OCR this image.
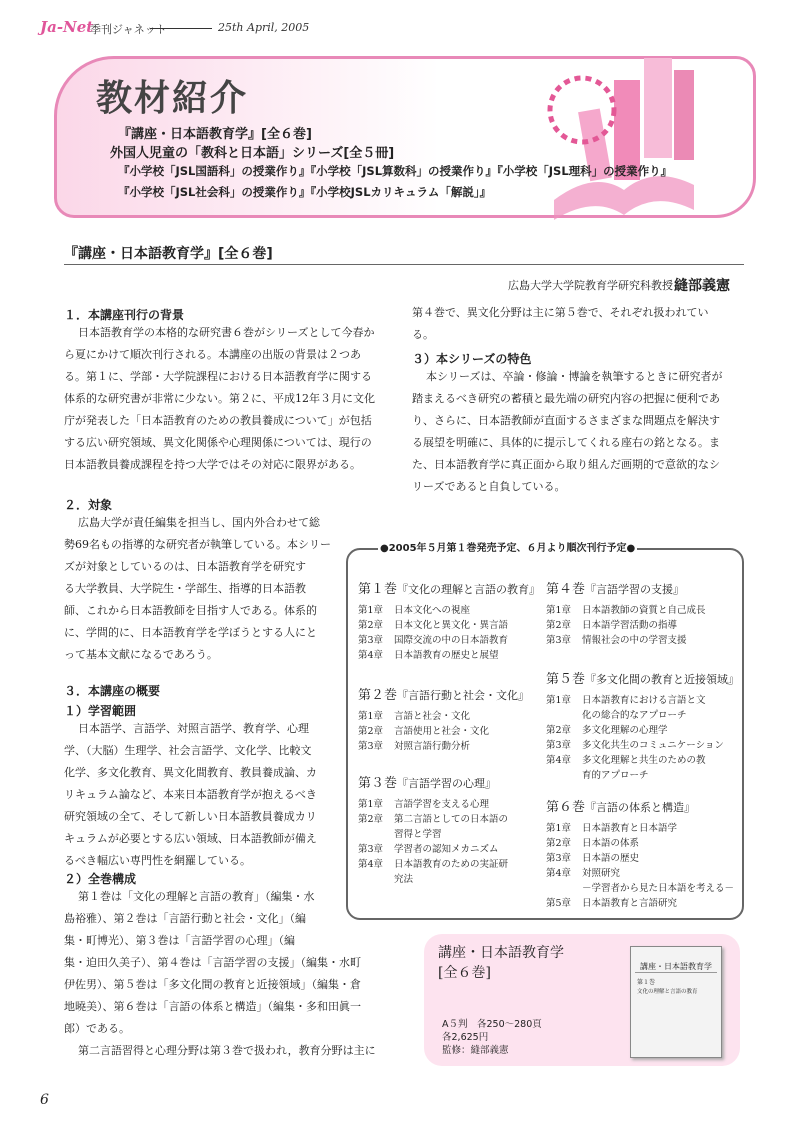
Ja-Net
季刊ジャネット	25th April, 2005
教材紹介
『講座・日本語教育学』[全６巻]
外国人児童の「教科と日本語」シリーズ[全５冊]
『小学校「JSL国語科」の授業作り』『小学校「JSL算数科」の授業作り』『小学校「JSL理科」の授業作り』
『小学校「JSL社会科」の授業作り』『小学校JSLカリキュラム「解説」』
『講座・日本語教育学』[全６巻]
広島大学大学院教育学研究科教授 縫部義憲
１．本講座刊行の背景
日本語教育学の本格的な研究書６巻がシリーズとして今春か
ら夏にかけて順次刊行される。本講座の出版の背景は２つあ
る。第１に、学部・大学院課程における日本語教育学に関する
体系的な研究書が非常に少ない。第２に、平成12年３月に文化
庁が発表した「日本語教育のための教員養成について」が包括
する広い研究領域、異文化関係や心理関係については、現行の
日本語教員養成課程を持つ大学ではその対応に限界がある。
２．対象
広島大学が責任編集を担当し、国内外合わせて総
勢69名もの指導的な研究者が執筆している。本シリー
ズが対象としているのは、日本語教育学を研究す
る大学教員、大学院生・学部生、指導的日本語教
師、これから日本語教師を目指す人である。体系的
に、学問的に、日本語教育学を学ぼうとする人にと
って基本文献になるであろう。
３．本講座の概要
１）学習範囲
日本語学、言語学、対照言語学、教育学、心理
学、（大脳）生理学、社会言語学、文化学、比較文
化学、多文化教育、異文化間教育、教員養成論、カ
リキュラム論など、本来日本語教育学が抱えるべき
研究領域の全て、そして新しい日本語教員養成カリ
キュラムが必要とする広い領域、日本語教師が備え
るべき幅広い専門性を網羅している。
２）全巻構成
第１巻は「文化の理解と言語の教育」（編集・水
島裕雅）、第２巻は「言語行動と社会・文化」（編
集・町博光）、第３巻は「言語学習の心理」（編
集・迫田久美子）、第４巻は「言語学習の支援」（編集・水町
伊佐男）、第５巻は「多文化間の教育と近接領域」（編集・倉
地曉美）、第６巻は「言語の体系と構造」（編集・多和田眞一
郎）である。
第二言語習得と心理分野は第３巻で扱われ，教育分野は主に
第４巻で、異文化分野は主に第５巻で、それぞれ扱われてい
る。
３）本シリーズの特色
本シリーズは、卒論・修論・博論を執筆するときに研究者が
踏まえるべき研究の蓄積と最先端の研究内容の把握に便利であ
り、さらに、日本語教師が直面するさまざまな問題点を解決す
る展望を明確に、具体的に提示してくれる座右の銘となる。ま
た、日本語教育学に真正面から取り組んだ画期的で意欲的なシ
リーズであると自負している。
●2005年５月第１巻発売予定、６月より順次刊行予定●
第１巻『文化の理解と言語の教育』
第1章 日本文化への視座
第2章 日本文化と異文化・異言語
第3章 国際交流の中の日本語教育
第4章 日本語教育の歴史と展望
第２巻『言語行動と社会・文化』
第1章 言語と社会・文化
第2章 言語使用と社会・文化
第3章 対照言語行動分析
第３巻『言語学習の心理』
第1章 言語学習を支える心理
第2章 第二言語としての日本語の
習得と学習
第3章 学習者の認知メカニズム
第4章 日本語教育のための実証研
究法
第４巻『言語学習の支援』
第1章 日本語教師の資質と自己成長
第2章 日本語学習活動の指導
第3章 情報社会の中の学習支援
第５巻『多文化間の教育と近接領域』
第1章 日本語教育における言語と文
化の総合的なアプローチ
第2章 多文化理解の心理学
第3章 多文化共生のコミュニケーション
第4章 多文化理解と共生のための教
育的アプローチ
第６巻『言語の体系と構造』
第1章 日本語教育と日本語学
第2章 日本語の体系
第3章 日本語の歴史
第4章 対照研究
－学習者から見た日本語を考える－
第5章 日本語教育と言語研究
講座・日本語教育学
[全６巻]
A５判　各250～280頁
各2,625円
監修：縫部義憲
講座・日本語教育学
第１巻
文化の理解と言語の教育
6
